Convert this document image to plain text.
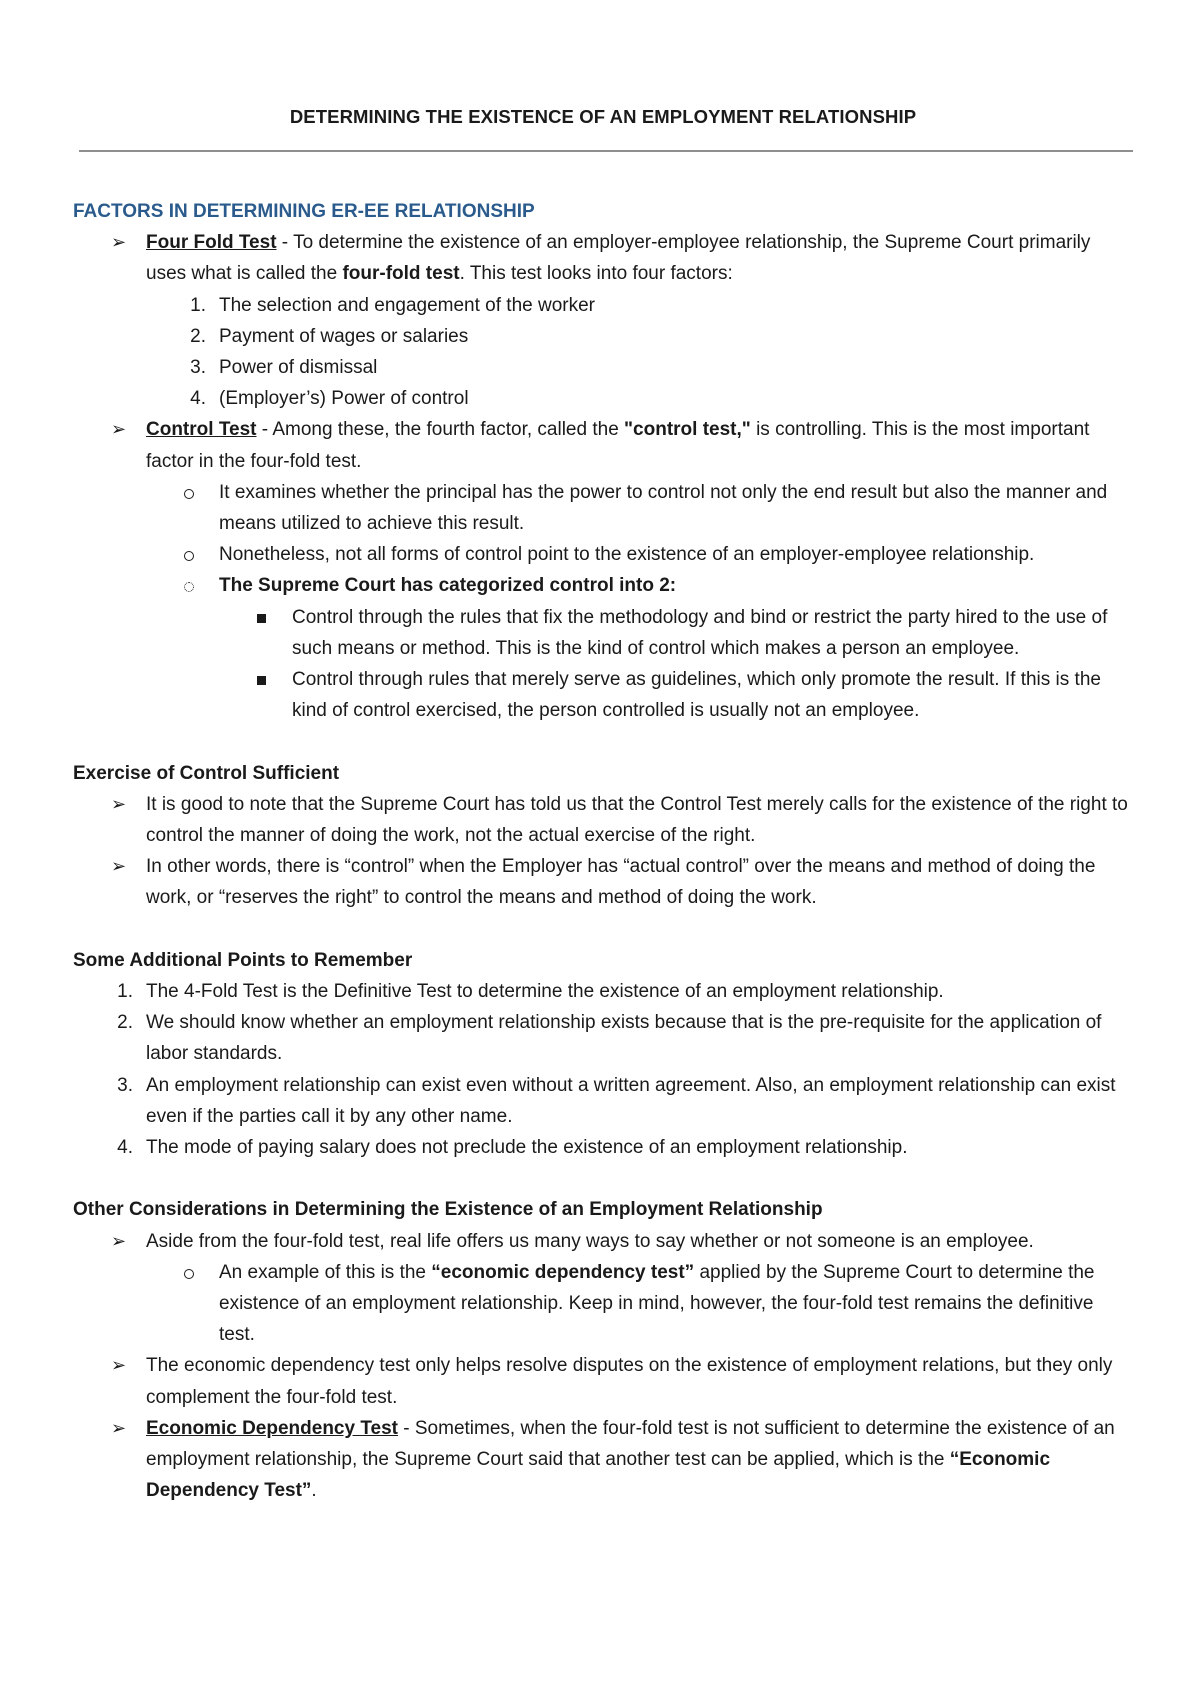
DETERMINING THE EXISTENCE OF AN EMPLOYMENT RELATIONSHIP
FACTORS IN DETERMINING ER-EE RELATIONSHIP
➢ Four Fold Test - To determine the existence of an employer-employee relationship, the Supreme Court primarily uses what is called the four-fold test. This test looks into four factors:
1. The selection and engagement of the worker
2. Payment of wages or salaries
3. Power of dismissal
4. (Employer’s) Power of control
➢ Control Test - Among these, the fourth factor, called the "control test," is controlling. This is the most important factor in the four-fold test.
It examines whether the principal has the power to control not only the end result but also the manner and means utilized to achieve this result.
Nonetheless, not all forms of control point to the existence of an employer-employee relationship.
The Supreme Court has categorized control into 2:
Control through the rules that fix the methodology and bind or restrict the party hired to the use of such means or method. This is the kind of control which makes a person an employee.
Control through rules that merely serve as guidelines, which only promote the result. If this is the kind of control exercised, the person controlled is usually not an employee.
Exercise of Control Sufficient
➢ It is good to note that the Supreme Court has told us that the Control Test merely calls for the existence of the right to control the manner of doing the work, not the actual exercise of the right.
➢ In other words, there is “control” when the Employer has “actual control” over the means and method of doing the work, or “reserves the right” to control the means and method of doing the work.
Some Additional Points to Remember
1. The 4-Fold Test is the Definitive Test to determine the existence of an employment relationship.
2. We should know whether an employment relationship exists because that is the pre-requisite for the application of labor standards.
3. An employment relationship can exist even without a written agreement. Also, an employment relationship can exist even if the parties call it by any other name.
4. The mode of paying salary does not preclude the existence of an employment relationship.
Other Considerations in Determining the Existence of an Employment Relationship
➢ Aside from the four-fold test, real life offers us many ways to say whether or not someone is an employee.
An example of this is the “economic dependency test” applied by the Supreme Court to determine the existence of an employment relationship. Keep in mind, however, the four-fold test remains the definitive test.
➢ The economic dependency test only helps resolve disputes on the existence of employment relations, but they only complement the four-fold test.
➢ Economic Dependency Test - Sometimes, when the four-fold test is not sufficient to determine the existence of an employment relationship, the Supreme Court said that another test can be applied, which is the “Economic Dependency Test”.
